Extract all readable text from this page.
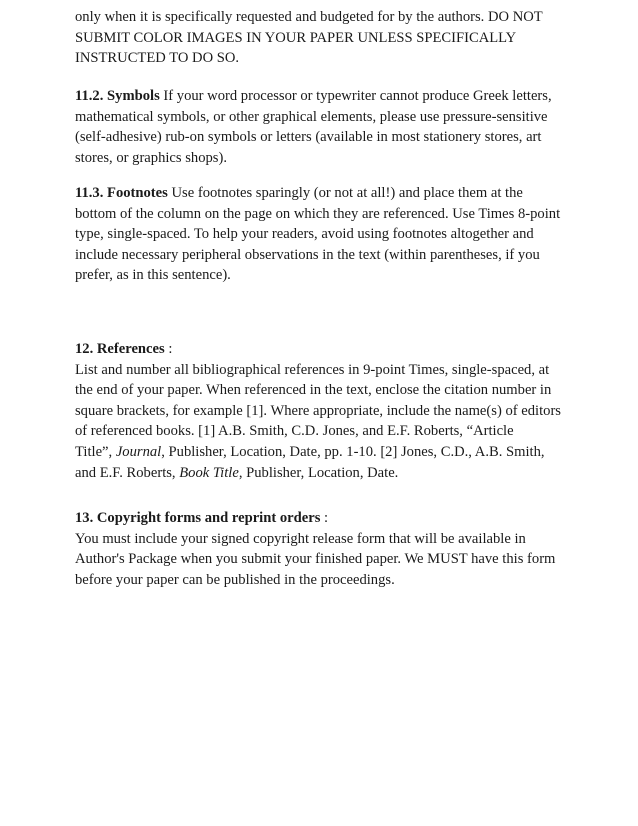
only when it is specifically requested and budgeted for by the authors. DO NOT
SUBMIT COLOR IMAGES IN YOUR PAPER UNLESS SPECIFICALLY
INSTRUCTED TO DO SO.

11.2. Symbols If your word processor or typewriter cannot produce Greek letters,
mathematical symbols, or other graphical elements, please use pressure-sensitive
(self-adhesive) rub-on symbols or letters (available in most stationery stores, art
stores, or graphics shops).

11.3. Footnotes Use footnotes sparingly (or not at all!) and place them at the
bottom of the column on the page on which they are referenced. Use Times 8-point
type, single-spaced. To help your readers, avoid using footnotes altogether and
include necessary peripheral observations in the text (within parentheses, if you
prefer, as in this sentence).

12. References :
List and number all bibliographical references in 9-point Times, single-spaced, at
the end of your paper. When referenced in the text, enclose the citation number in
square brackets, for example [1]. Where appropriate, include the name(s) of editors
of referenced books. [1] A.B. Smith, C.D. Jones, and E.F. Roberts, “Article
Title”, Journal, Publisher, Location, Date, pp. 1-10. [2] Jones, C.D., A.B. Smith,
and E.F. Roberts, Book Title, Publisher, Location, Date.

13. Copyright forms and reprint orders :
You must include your signed copyright release form that will be available in
Author's Package when you submit your finished paper. We MUST have this form
before your paper can be published in the proceedings.
